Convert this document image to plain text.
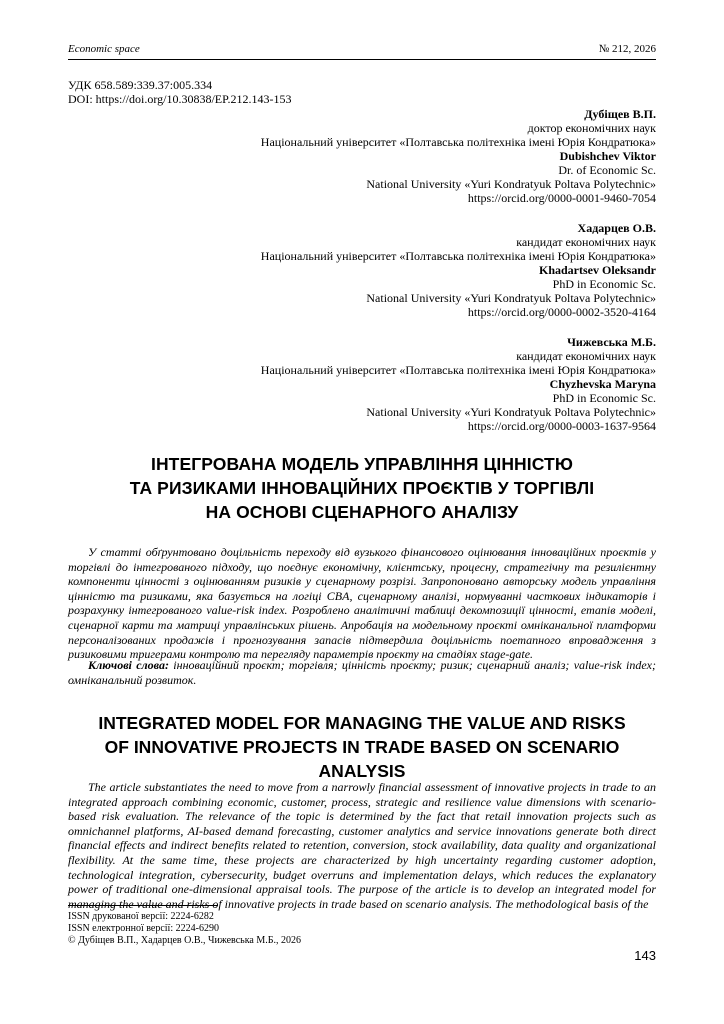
Economic space	№ 212, 2026
УДК 658.589:339.37:005.334
DOI: https://doi.org/10.30838/EP.212.143-153
Дубіщев В.П.
доктор економічних наук
Національний університет «Полтавська політехніка імені Юрія Кондратюка»
Dubishchev Viktor
Dr. of Economic Sc.
National University «Yuri Kondratyuk Poltava Polytechnic»
https://orcid.org/0000-0001-9460-7054
Хадарцев О.В.
кандидат економічних наук
Національний університет «Полтавська політехніка імені Юрія Кондратюка»
Khadartsev Oleksandr
PhD in Economic Sc.
National University «Yuri Kondratyuk Poltava Polytechnic»
https://orcid.org/0000-0002-3520-4164
Чижевська М.Б.
кандидат економічних наук
Національний університет «Полтавська політехніка імені Юрія Кондратюка»
Chyzhevska Maryna
PhD in Economic Sc.
National University «Yuri Kondratyuk Poltava Polytechnic»
https://orcid.org/0000-0003-1637-9564
ІНТЕГРОВАНА МОДЕЛЬ УПРАВЛІННЯ ЦІННІСТЮ
ТА РИЗИКАМИ ІННОВАЦІЙНИХ ПРОЄКТІВ У ТОРГІВЛІ
НА ОСНОВІ СЦЕНАРНОГО АНАЛІЗУ

У статті обґрунтовано доцільність переходу від вузького фінансового оцінювання інноваційних проєктів у торгівлі до інтегрованого підходу, що поєднує економічну, клієнтську, процесну, стратегічну та резилієнтну компоненти цінності з оцінюванням ризиків у сценарному розрізі. Запропоновано авторську модель управління цінністю та ризиками, яка базується на логіці CBA, сценарному аналізі, нормуванні часткових індикаторів і розрахунку інтегрованого value-risk index. Розроблено аналітичні таблиці декомпозиції цінності, етапів моделі, сценарної карти та матриці управлінських рішень. Апробація на модельному проєкті омніканальної платформи персоналізованих продажів і прогнозування запасів підтвердила доцільність поетапного впровадження з ризиковими тригерами контролю та перегляду параметрів проєкту на стадіях stage-gate.

Ключові слова: інноваційний проєкт; торгівля; цінність проєкту; ризик; сценарний аналіз; value-risk index; омніканальний розвиток.

INTEGRATED MODEL FOR MANAGING THE VALUE AND RISKS
OF INNOVATIVE PROJECTS IN TRADE BASED ON SCENARIO ANALYSIS

The article substantiates the need to move from a narrowly financial assessment of innovative projects in trade to an integrated approach combining economic, customer, process, strategic and resilience value dimensions with scenario-based risk evaluation. The relevance of the topic is determined by the fact that retail innovation projects such as omnichannel platforms, AI-based demand forecasting, customer analytics and service innovations generate both direct financial effects and indirect benefits related to retention, conversion, stock availability, data quality and organizational flexibility. At the same time, these projects are characterized by high uncertainty regarding customer adoption, technological integration, cybersecurity, budget overruns and implementation delays, which reduces the explanatory power of traditional one-dimensional appraisal tools. The purpose of the article is to develop an integrated model for managing the value and risks of innovative projects in trade based on scenario analysis. The methodological basis of the

ISSN друкованої версії: 2224-6282
ISSN електронної версії: 2224-6290
© Дубіщев В.П., Хадарцев О.В., Чижевська М.Б., 2026
143
